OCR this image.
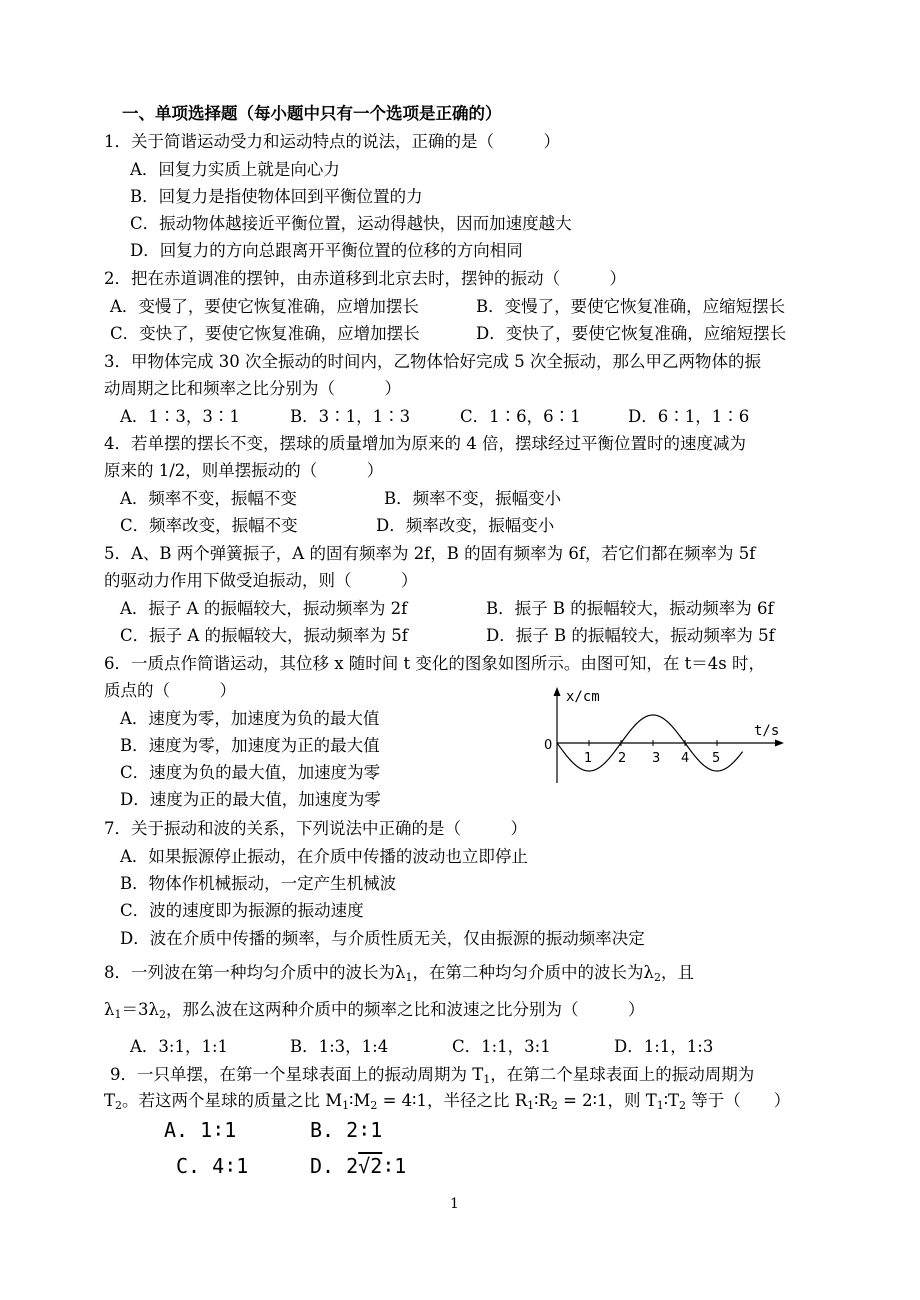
一、单项选择题（每小题中只有一个选项是正确的）
1．关于简谐运动受力和运动特点的说法，正确的是（　　　）
A．回复力实质上就是向心力
B．回复力是指使物体回到平衡位置的力
C．振动物体越接近平衡位置，运动得越快，因而加速度越大
D．回复力的方向总跟离开平衡位置的位移的方向相同
2．把在赤道调准的摆钟，由赤道移到北京去时，摆钟的振动（　　　）
A．变慢了，要使它恢复准确，应增加摆长	B．变慢了，要使它恢复准确，应缩短摆长
C．变快了，要使它恢复准确，应增加摆长	D．变快了，要使它恢复准确，应缩短摆长
3．甲物体完成 30 次全振动的时间内，乙物体恰好完成 5 次全振动，那么甲乙两物体的振
动周期之比和频率之比分别为（　　　）
A．1∶3，3∶1	B．3∶1，1∶3	C．1∶6，6∶1	D．6∶1，1∶6
4．若单摆的摆长不变，摆球的质量增加为原来的 4 倍，摆球经过平衡位置时的速度减为
原来的 1/2，则单摆振动的（　　　）
A．频率不变，振幅不变	B．频率不变，振幅变小
C．频率改变，振幅不变	D．频率改变，振幅变小
5．A、B 两个弹簧振子，A 的固有频率为 2f，B 的固有频率为 6f，若它们都在频率为 5f
的驱动力作用下做受迫振动，则（　　　）
A．振子 A 的振幅较大，振动频率为 2f	B．振子 B 的振幅较大，振动频率为 6f
C．振子 A 的振幅较大，振动频率为 5f	D．振子 B 的振幅较大，振动频率为 5f
6．一质点作简谐运动，其位移 x 随时间 t 变化的图象如图所示。由图可知，在 t＝4s 时，
质点的（　　　）
A．速度为零，加速度为负的最大值
B．速度为零，加速度为正的最大值
C．速度为负的最大值，加速度为零
D．速度为正的最大值，加速度为零
x/cm
t/s
0
1 2 3 4 5
7．关于振动和波的关系，下列说法中正确的是（　　　）
A．如果振源停止振动，在介质中传播的波动也立即停止
B．物体作机械振动，一定产生机械波
C．波的速度即为振源的振动速度
D．波在介质中传播的频率，与介质性质无关，仅由振源的振动频率决定
8．一列波在第一种均匀介质中的波长为$\lambda_1$，在第二种均匀介质中的波长为$\lambda_2$，且
$\lambda_1=3\lambda_2$，那么波在这两种介质中的频率之比和波速之比分别为（　　　）
A．3:1，1:1	B．1:3，1:4	C．1:1，3:1	D．1:1，1:3
9．一只单摆，在第一个星球表面上的振动周期为 $T_1$，在第二个星球表面上的振动周期为
$T_2$。若这两个星球的质量之比 $M_1∶M_2$ = 4∶1，半径之比 $R_1∶R_2$ = 2∶1，则 $T_1∶T_2$ 等于（　　）
A. 1∶1	B. 2∶1
C. 4∶1	D. 2√2∶1
1
